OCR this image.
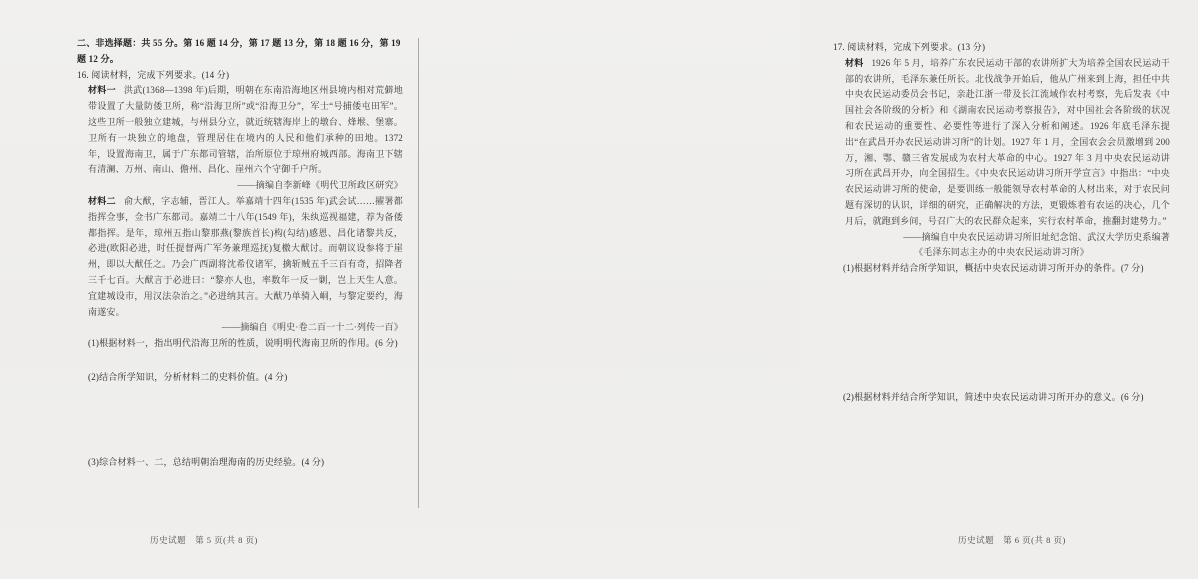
二、非选择题：共 55 分。第 16 题 14 分，第 17 题 13 分，第 18 题 16 分，第 19 题 12 分。

16. 阅读材料，完成下列要求。(14 分)

材料一 洪武(1368—1398 年)后期，明朝在东南沿海地区州县境内相对荒僻地带设置了大量防倭卫所，称“沿海卫所”或“沿海卫分”，军士“号捕倭屯田军”。这些卫所一般独立建城，与州县分立，就近统辖海岸上的墩台、烽堠、堡寨。卫所有一块独立的地盘，管理居住在境内的人民和他们承种的田地。1372 年，设置海南卫，属于广东都司管辖，治所原位于琼州府城西部。海南卫下辖有清澜、万州、南山、儋州、昌化、崖州六个守御千户所。

——摘编自李新峰《明代卫所政区研究》

材料二 俞大猷，字志辅，晋江人。举嘉靖十四年(1535 年)武会试……擢署都指挥佥事，佥书广东都司。嘉靖二十八年(1549 年)，朱纨巡视福建，荐为备倭都指挥。是年，琼州五指山黎那燕(黎族首长)构(勾结)感恩、昌化诸黎共反，必进(欧阳必进，时任提督两广军务兼理巡抚)复檄大猷讨。而朝议设参将于崖州，即以大猷任之。乃会广西副将沈希仪诸军，擒斩贼五千三百有奇，招降者三千七百。大猷言于必进曰：“黎亦人也，率数年一反一剿，岂上天生人意。宜建城设市，用汉法杂治之。”必进纳其言。大猷乃单骑入峒，与黎定要约，海南遂安。

——摘编自《明史·卷二百一十二·列传一百》

(1)根据材料一，指出明代沿海卫所的性质，说明明代海南卫所的作用。(6 分)

(2)结合所学知识，分析材料二的史料价值。(4 分)

(3)综合材料一、二，总结明朝治理海南的历史经验。(4 分)

历史试题　第 5 页(共 8 页)

17. 阅读材料，完成下列要求。(13 分)

材料 1926 年 5 月，培养广东农民运动干部的农讲所扩大为培养全国农民运动干部的农讲所，毛泽东兼任所长。北伐战争开始后，他从广州来到上海，担任中共中央农民运动委员会书记，亲赴江浙一带及长江流域作农村考察，先后发表《中国社会各阶级的分析》和《湖南农民运动考察报告》，对中国社会各阶级的状况和农民运动的重要性、必要性等进行了深入分析和阐述。1926 年底毛泽东提出“在武昌开办农民运动讲习所”的计划。1927 年 1 月，全国农会会员激增到 200 万，湘、鄂、赣三省发展成为农村大革命的中心。1927 年 3 月中央农民运动讲习所在武昌开办，向全国招生。《中央农民运动讲习所开学宣言》中指出：“中央农民运动讲习所的使命，是要训练一般能领导农村革命的人材出来，对于农民问题有深切的认识，详细的研究，正确解决的方法，更锻炼着有农运的决心，几个月后，就跑到乡间，号召广大的农民群众起来，实行农村革命，推翻封建势力。”

——摘编自中央农民运动讲习所旧址纪念馆、武汉大学历史系编著

《毛泽东同志主办的中央农民运动讲习所》

(1)根据材料并结合所学知识，概括中央农民运动讲习所开办的条件。(7 分)

(2)根据材料并结合所学知识，简述中央农民运动讲习所开办的意义。(6 分)

历史试题　第 6 页(共 8 页)
